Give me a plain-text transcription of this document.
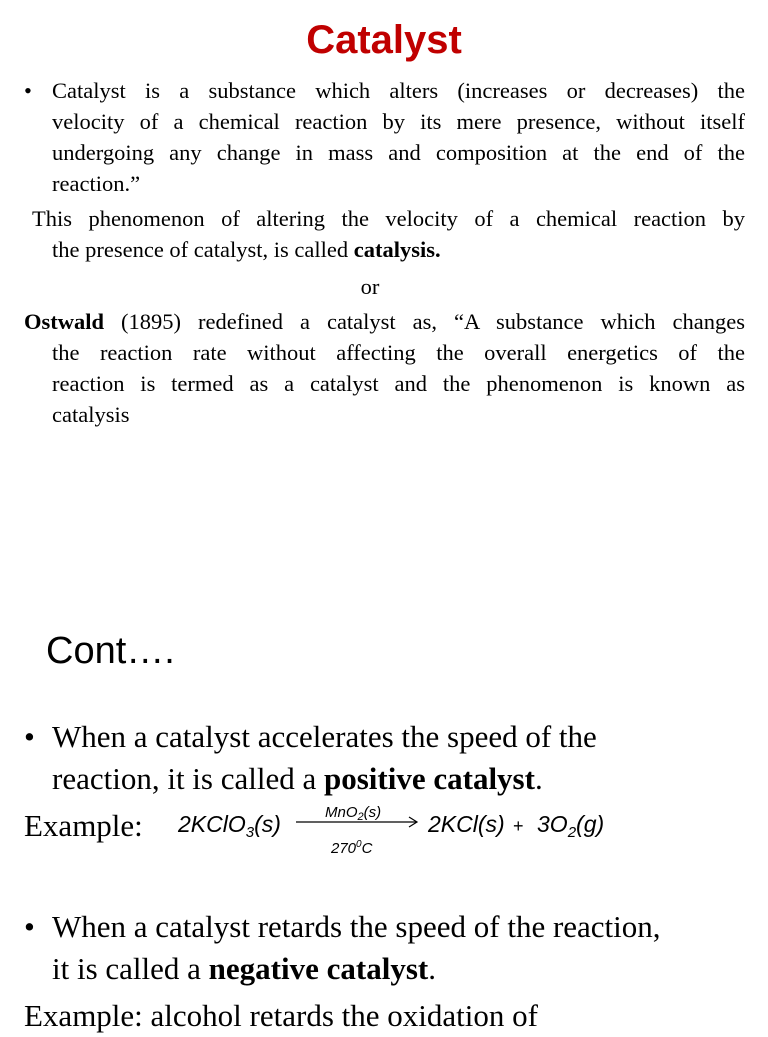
Catalyst
• Catalyst is a substance which alters (increases or decreases) the
velocity of a chemical reaction by its mere presence, without itself
undergoing any change in mass and composition at the end of the
reaction.”
This phenomenon of altering the velocity of a chemical reaction by
the presence of catalyst, is called catalysis.
or
Ostwald (1895) redefined a catalyst as, “A substance which changes
the reaction rate without affecting the overall energetics of the
reaction is termed as a catalyst and the phenomenon is known as
catalysis
Cont….
• When a catalyst accelerates the speed of the
reaction, it is called a positive catalyst.
Example: 2KClO$_3$(s)	MnO$_2$(s)
$270^0C$
$2KCl(s) + 3O_2(g)$
• When a catalyst retards the speed of the reaction,
it is called a negative catalyst.
Example: alcohol retards the oxidation of
